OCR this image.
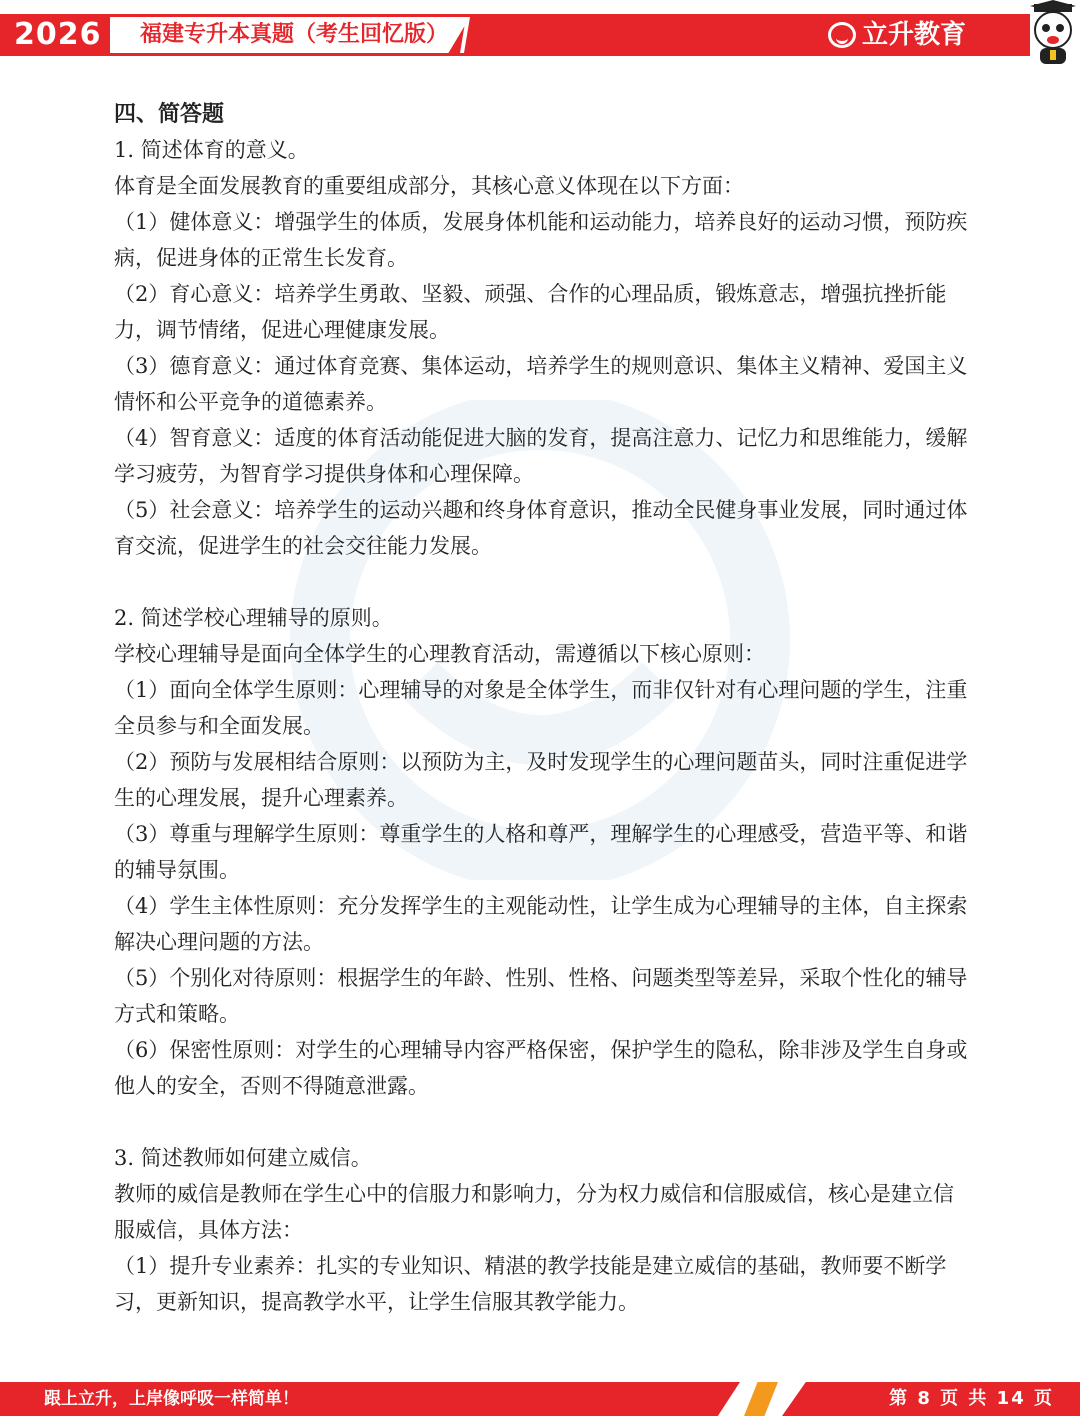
2026 福建专升本真题（考生回忆版）	立升教育

四、简答题

1. 简述体育的意义。

体育是全面发展教育的重要组成部分，其核心意义体现在以下方面：

（1）健体意义：增强学生的体质，发展身体机能和运动能力，培养良好的运动习惯，预防疾病，促进身体的正常生长发育。

（2）育心意义：培养学生勇敢、坚毅、顽强、合作的心理品质，锻炼意志，增强抗挫折能力，调节情绪，促进心理健康发展。

（3）德育意义：通过体育竞赛、集体运动，培养学生的规则意识、集体主义精神、爱国主义情怀和公平竞争的道德素养。

（4）智育意义：适度的体育活动能促进大脑的发育，提高注意力、记忆力和思维能力，缓解学习疲劳，为智育学习提供身体和心理保障。

（5）社会意义：培养学生的运动兴趣和终身体育意识，推动全民健身事业发展，同时通过体育交流，促进学生的社会交往能力发展。

2. 简述学校心理辅导的原则。

学校心理辅导是面向全体学生的心理教育活动，需遵循以下核心原则：

（1）面向全体学生原则：心理辅导的对象是全体学生，而非仅针对有心理问题的学生，注重全员参与和全面发展。

（2）预防与发展相结合原则：以预防为主，及时发现学生的心理问题苗头，同时注重促进学生的心理发展，提升心理素养。

（3）尊重与理解学生原则：尊重学生的人格和尊严，理解学生的心理感受，营造平等、和谐的辅导氛围。

（4）学生主体性原则：充分发挥学生的主观能动性，让学生成为心理辅导的主体，自主探索解决心理问题的方法。

（5）个别化对待原则：根据学生的年龄、性别、性格、问题类型等差异，采取个性化的辅导方式和策略。

（6）保密性原则：对学生的心理辅导内容严格保密，保护学生的隐私，除非涉及学生自身或他人的安全，否则不得随意泄露。

3. 简述教师如何建立威信。

教师的威信是教师在学生心中的信服力和影响力，分为权力威信和信服威信，核心是建立信服威信，具体方法：

（1）提升专业素养：扎实的专业知识、精湛的教学技能是建立威信的基础，教师要不断学习，更新知识，提高教学水平，让学生信服其教学能力。

跟上立升，上岸像呼吸一样简单！	第 8 页 共 14 页
